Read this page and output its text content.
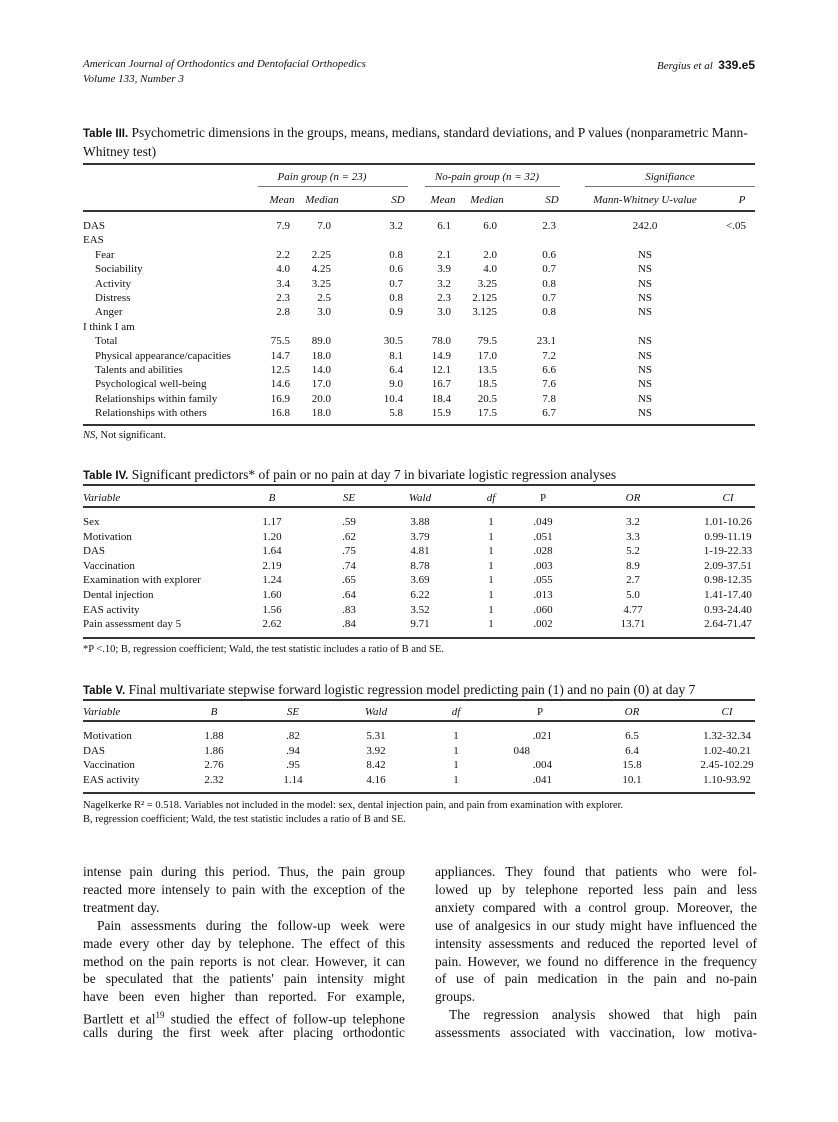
American Journal of Orthodontics and Dentofacial Orthopedics
Volume 133, Number 3
Bergius et al 339.e5
Table III. Psychometric dimensions in the groups, means, medians, standard deviations, and P values (nonparametric Mann-Whitney test)
Pain group (n = 23)	No-pain group (n = 32)	Signifiance
Mean Median	SD	Mean	Median	SD	Mann-Whitney U-value	P
DAS	7.9 7.0	3.2	6.1	6.0	2.3	242.0	<.05
EAS
Fear	2.2 2.25	0.8	2.1	2.0	0.6	NS
Sociability	4.0 4.25	0.6	3.9	4.0	0.7	NS
Activity	3.4 3.25	0.7	3.2 3.25	0.8	NS
Distress	2.3 2.5	0.8	2.3 2.125	0.7	NS
Anger	2.8 3.0	0.9	3.0 3.125	0.8	NS
I think I am
Total	75.5 89.0	30.5	78.0 79.5	23.1	NS
Physical appearance/capacities	14.7 18.0	8.1	14.9 17.0	7.2	NS
Talents and abilities	12.5 14.0	6.4	12.1 13.5	6.6	NS
Psychological well-being	14.6 17.0	9.0	16.7 18.5	7.6	NS
Relationships within family	16.9 20.0	10.4	18.4 20.5	7.8	NS
Relationships with others	16.8 18.0	5.8	15.9 17.5	6.7	NS
NS, Not significant.
Table IV. Significant predictors* of pain or no pain at day 7 in bivariate logistic regression analyses
Variable	B	SE	Wald	df	P	OR	CI
Sex	1.17	.59	3.88	1	.049	3.2	1.01-10.26
Motivation	1.20	.62	3.79	1	.051	3.3	0.99-11.19
DAS	1.64	.75	4.81	1	.028	5.2	1-19-22.33
Vaccination	2.19	.74	8.78	1	.003	8.9	2.09-37.51
Examination with explorer	1.24	.65	3.69	1	.055	2.7	0.98-12.35
Dental injection	1.60	.64	6.22	1	.013	5.0	1.41-17.40
EAS activity	1.56	.83	3.52	1	.060	4.77	0.93-24.40
Pain assessment day 5	2.62	.84	9.71	1	.002	13.71	2.64-71.47
*P <.10; B, regression coefficient; Wald, the test statistic includes a ratio of B and SE.
Table V. Final multivariate stepwise forward logistic regression model predicting pain (1) and no pain (0) at day 7
Variable	B	SE	Wald	df	P	OR	CI
Motivation	1.88	.82	5.31	1	.021	6.5	1.32-32.34
DAS	1.86	.94	3.92	1	048	6.4	1.02-40.21
Vaccination	2.76	.95	8.42	1	.004	15.8	2.45-102.29
EAS activity	2.32	1.14	4.16	1	.041	10.1	1.10-93.92
Nagelkerke R² = 0.518. Variables not included in the model: sex, dental injection pain, and pain from examination with explorer.
B, regression coefficient; Wald, the test statistic includes a ratio of B and SE.
intense pain during this period. Thus, the pain group
reacted more intensely to pain with the exception of the
treatment day.
Pain assessments during the follow-up week were
made every other day by telephone. The effect of this
method on the pain reports is not clear. However, it can
be speculated that the patients' pain intensity might
have been even higher than reported. For example,
Bartlett et $al^{19}$ studied the effect of follow-up telephone
calls during the first week after placing orthodontic
appliances. They found that patients who were fol-
lowed up by telephone reported less pain and less
anxiety compared with a control group. Moreover, the
use of analgesics in our study might have influenced the
intensity assessments and reduced the reported level of
pain. However, we found no difference in the frequency
of use of pain medication in the pain and no-pain
groups.
The regression analysis showed that high pain
assessments associated with vaccination, low motiva-
